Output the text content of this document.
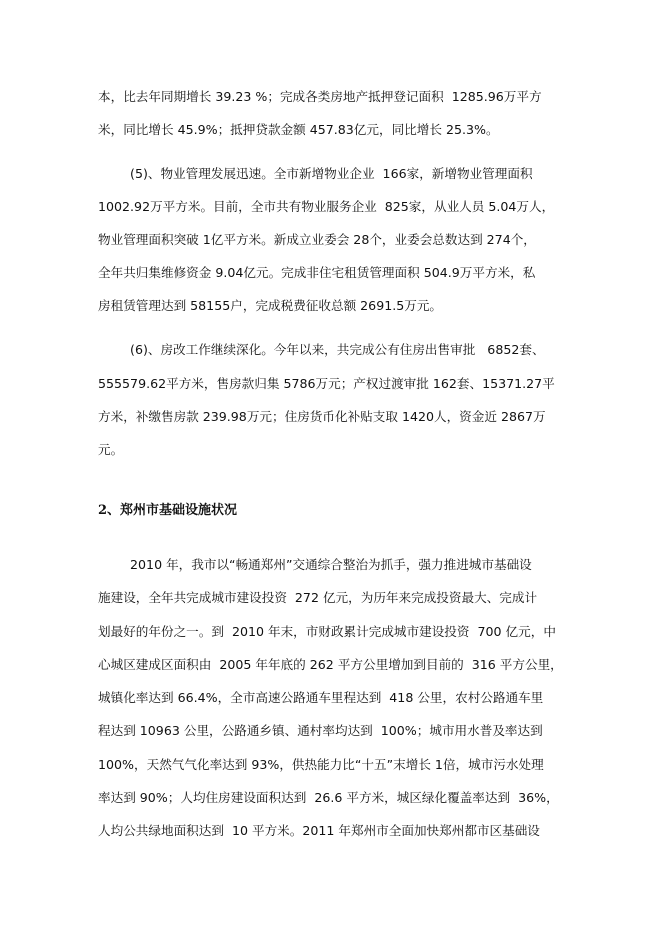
本，比去年同期增长 39.23 %；完成各类房地产抵押登记面积  1285.96万平方
米，同比增长 45.9%；抵押贷款金额 457.83亿元，同比增长 25.3%。
(5)、物业管理发展迅速。全市新增物业企业  166家，新增物业管理面积
1002.92万平方米。目前，全市共有物业服务企业  825家，从业人员 5.04万人，
物业管理面积突破 1亿平方米。新成立业委会 28个，业委会总数达到 274个，
全年共归集维修资金 9.04亿元。完成非住宅租赁管理面积 504.9万平方米，私
房租赁管理达到 58155户，完成税费征收总额 2691.5万元。
(6)、房改工作继续深化。今年以来，共完成公有住房出售审批   6852套、
555579.62平方米，售房款归集 5786万元；产权过渡审批 162套、15371.27平
方米，补缴售房款 239.98万元；住房货币化补贴支取 1420人，资金近 2867万
元。
2、郑州市基础设施状况
2010 年，我市以“畅通郑州”交通综合整治为抓手，强力推进城市基础设
施建设，全年共完成城市建设投资  272 亿元，为历年来完成投资最大、完成计
划最好的年份之一。到  2010 年末，市财政累计完成城市建设投资  700 亿元，中
心城区建成区面积由  2005 年年底的 262 平方公里增加到目前的  316 平方公里，
城镇化率达到 66.4%，全市高速公路通车里程达到  418 公里，农村公路通车里
程达到 10963 公里，公路通乡镇、通村率均达到  100%；城市用水普及率达到
100%，天然气气化率达到 93%，供热能力比“十五”末增长 1倍，城市污水处理
率达到 90%；人均住房建设面积达到  26.6 平方米，城区绿化覆盖率达到  36%，
人均公共绿地面积达到  10 平方米。2011 年郑州市全面加快郑州都市区基础设
